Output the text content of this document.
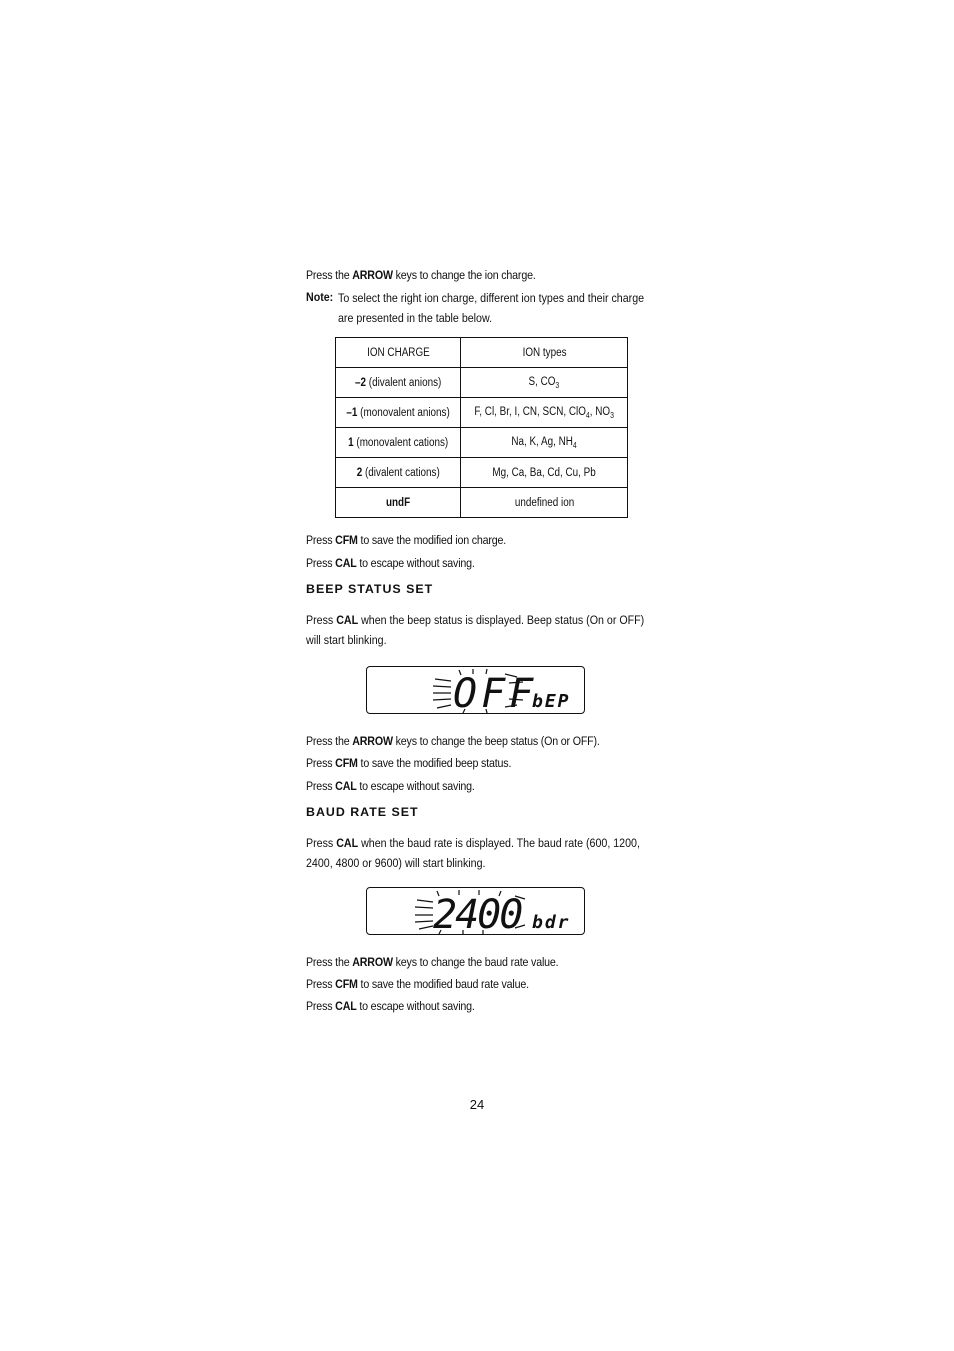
Press the ARROW keys to change the ion charge.
Note: To select the right ion charge, different ion types and their charge are presented in the table below.
ION CHARGE	ION types
–2 (divalent anions)	S, $CO_3$
–1 (monovalent anions)	F, Cl, Br, I, CN, SCN, ClO$_4$, $NO_3$
1 (monovalent cations)	Na, K, Ag, $NH_4$
2 (divalent cations)	Mg, Ca, Ba, Cd, Cu, Pb
undF	undefined ion
Press CFM to save the modified ion charge.
Press CAL to escape without saving.
BEEP STATUS SET
Press CAL when the beep status is displayed. Beep status (On or OFF) will start blinking.
OFF
bEP
Press the ARROW keys to change the beep status (On or OFF).
Press CFM to save the modified beep status.
Press CAL to escape without saving.
BAUD RATE SET
Press CAL when the baud rate is displayed. The baud rate (600, 1200, 2400, 4800 or 9600) will start blinking.
2400 bdr
Press the ARROW keys to change the baud rate value.
Press CFM to save the modified baud rate value.
Press CAL to escape without saving.
24
